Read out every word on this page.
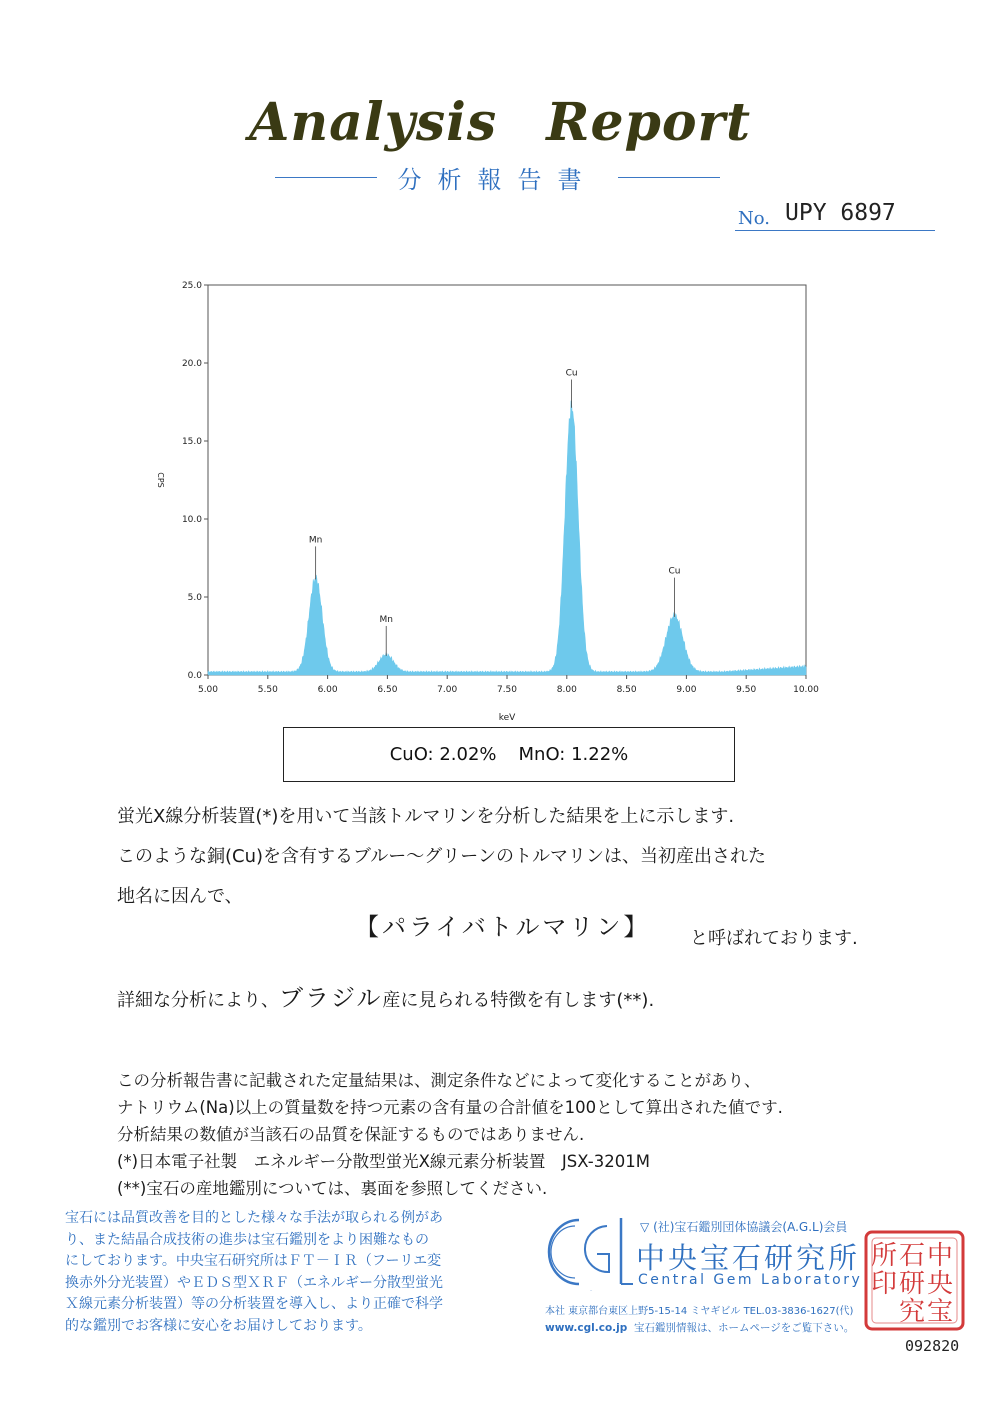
Analysis Report
分析報告書
No. UPY 6897
0.0
5.0
10.0
15.0
20.0
25.0
5.00	5.50	6.00	6.50	7.00	7.50	8.00	8.50	9.00	9.50	10.00
keV
CPS
Mn
Mn
Cu
Cu
CuO: 2.02% MnO: 1.22%
蛍光X線分析装置(*)を用いて当該トルマリンを分析した結果を上に示します.
このような銅(Cu)を含有するブルー～グリーンのトルマリンは、当初産出された
地名に因んで、
【パライバトルマリン】 と呼ばれております.
詳細な分析により、ブラジル産に見られる特徴を有します(**).
この分析報告書に記載された定量結果は、測定条件などによって変化することがあり、
ナトリウム(Na)以上の質量数を持つ元素の含有量の合計値を100として算出された値です.
分析結果の数値が当該石の品質を保証するものではありません.
(*)日本電子社製　エネルギー分散型蛍光X線元素分析装置　JSX-3201M
(**)宝石の産地鑑別については、裏面を参照してください.
宝石には品質改善を目的とした様々な手法が取られる例があ
り、また結晶合成技術の進歩は宝石鑑別をより困難なもの
にしております。中央宝石研究所はＦＴ－ＩＲ（フーリエ変
換赤外分光装置）やＥＤＳ型ＸＲＦ（エネルギー分散型蛍光
Ｘ線元素分析装置）等の分析装置を導入し、より正確で科学
的な鑑別でお客様に安心をお届けしております。
CGL
▽ (社)宝石鑑別団体協議会(A.G.L)会員
中央宝石研究所
Central Gem Laboratory
本社 東京都台東区上野5-15-14 ミヤギビル TEL.03-3836-1627(代)
www.cgl.co.jp 宝石鑑別情報は、ホームページをご覧下さい。
中
央
宝
石
研
究
所
印
092820
